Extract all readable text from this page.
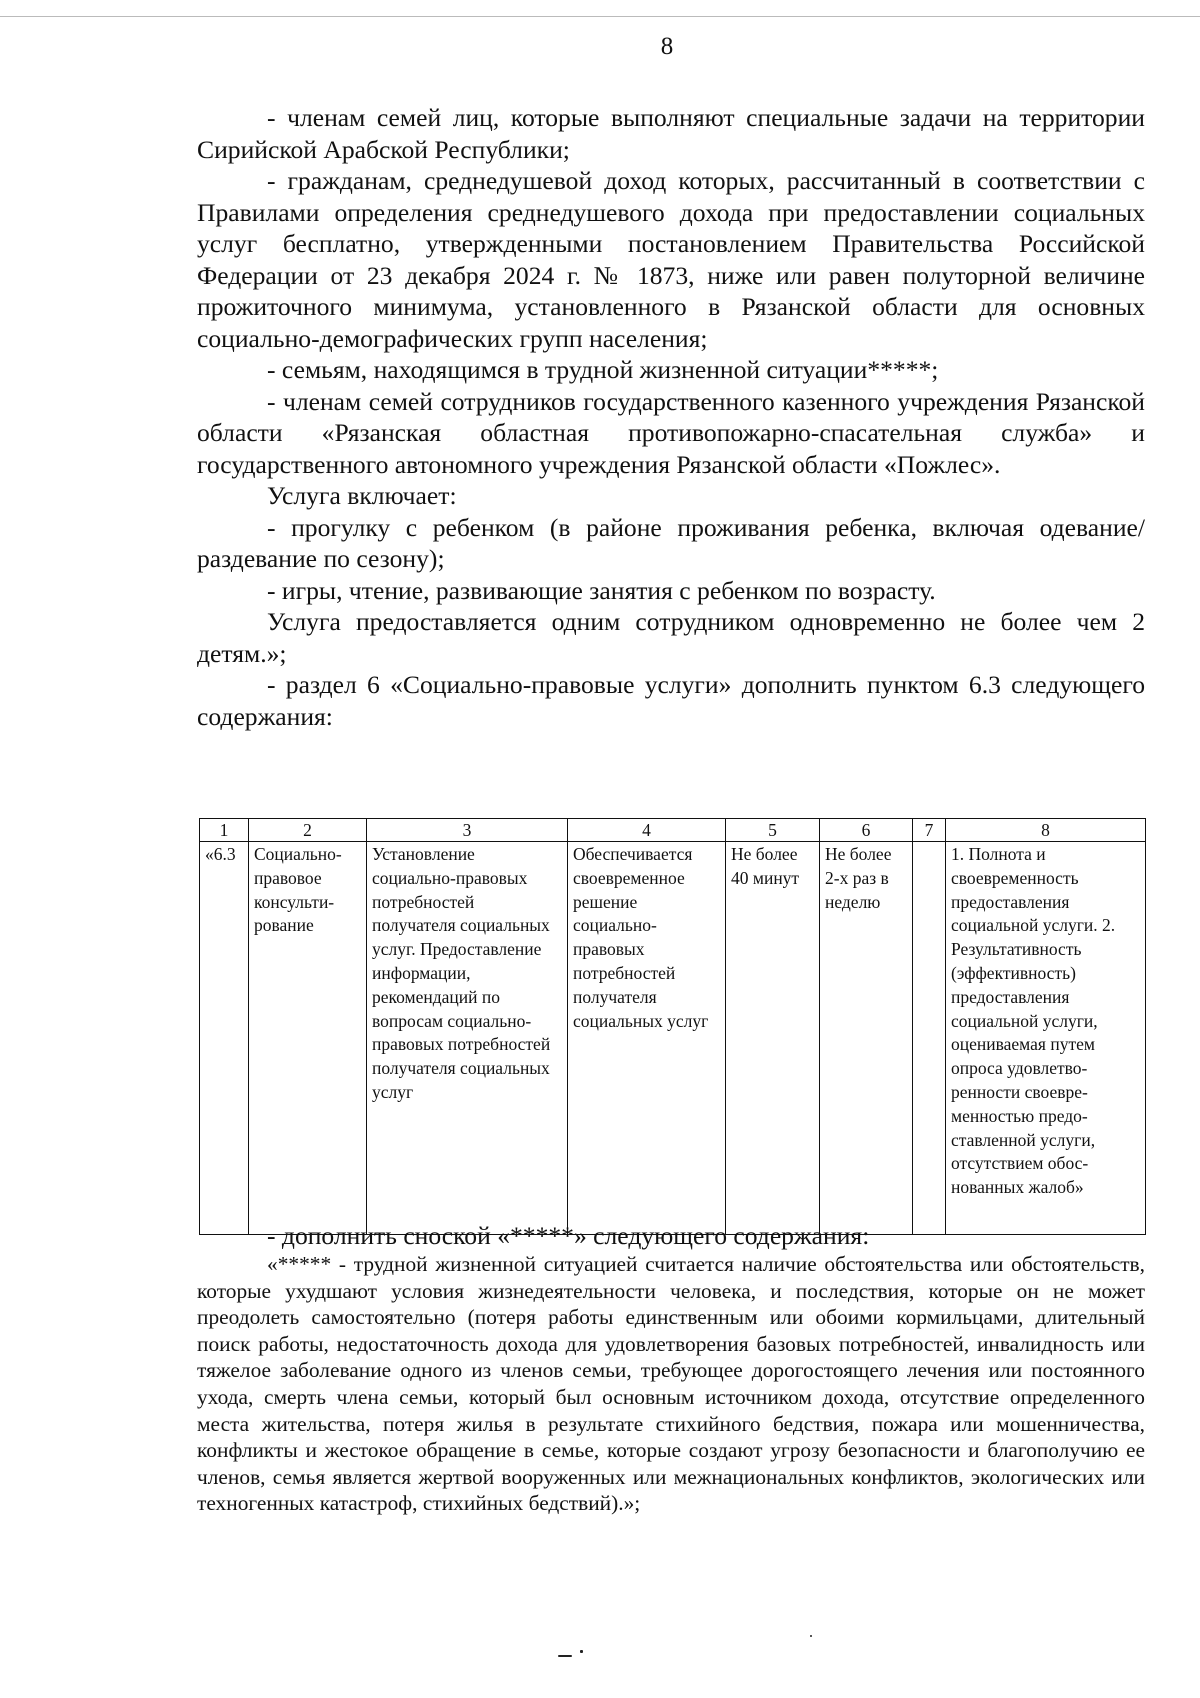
8

- членам семей лиц, которые выполняют специальные задачи на территории Сирийской Арабской Республики;

- гражданам, среднедушевой доход которых, рассчитанный в соответствии с Правилами определения среднедушевого дохода при предоставлении социальных услуг бесплатно, утвержденными постановлением Правительства Российской Федерации от 23 декабря 2024 г. № 1873, ниже или равен полуторной величине прожиточного минимума, установленного в Рязанской области для основных социально-демографических групп населения;

- семьям, находящимся в трудной жизненной ситуации*****;

- членам семей сотрудников государственного казенного учреждения Рязанской области «Рязанская областная противопожарно-спасательная служба» и государственного автономного учреждения Рязанской области «Пожлес».

Услуга включает:

- прогулку с ребенком (в районе проживания ребенка, включая одевание/раздевание по сезону);

- игры, чтение, развивающие занятия с ребенком по возрасту.

Услуга предоставляется одним сотрудником одновременно не более чем 2 детям.»;

- раздел 6 «Социально-правовые услуги» дополнить пунктом 6.3 следующего содержания:

1	2	3	4	5	6	7	8
«6.3	Социально-правовое консульти-рование	Установление социально-правовых потребностей получателя социальных услуг. Предоставление информации, рекомендаций по вопросам социально-правовых потребностей получателя социальных услуг	Обеспечивается своевременное решение социально-правовых потребностей получателя социальных услуг	Не более 40 минут	Не более 2-х раз в неделю		1. Полнота и своевременность предоставления социальной услуги. 2. Результативность (эффективность) предоставления социальной услуги, оцениваемая путем опроса удовлетво-ренности своевре-менностью предо-ставленной услуги, отсутствием обос-нованных жалоб»

- дополнить сноской «*****» следующего содержания:

«***** - трудной жизненной ситуацией считается наличие обстоятельства или обстоятельств, которые ухудшают условия жизнедеятельности человека, и последствия, которые он не может преодолеть самостоятельно (потеря работы единственным или обоими кормильцами, длительный поиск работы, недостаточность дохода для удовлетворения базовых потребностей, инвалидность или тяжелое заболевание одного из членов семьи, требующее дорогостоящего лечения или постоянного ухода, смерть члена семьи, который был основным источником дохода, отсутствие определенного места жительства, потеря жилья в результате стихийного бедствия, пожара или мошенничества, конфликты и жестокое обращение в семье, которые создают угрозу безопасности и благополучию ее членов, семья является жертвой вооруженных или межнациональных конфликтов, экологических или техногенных катастроф, стихийных бедствий).»;
